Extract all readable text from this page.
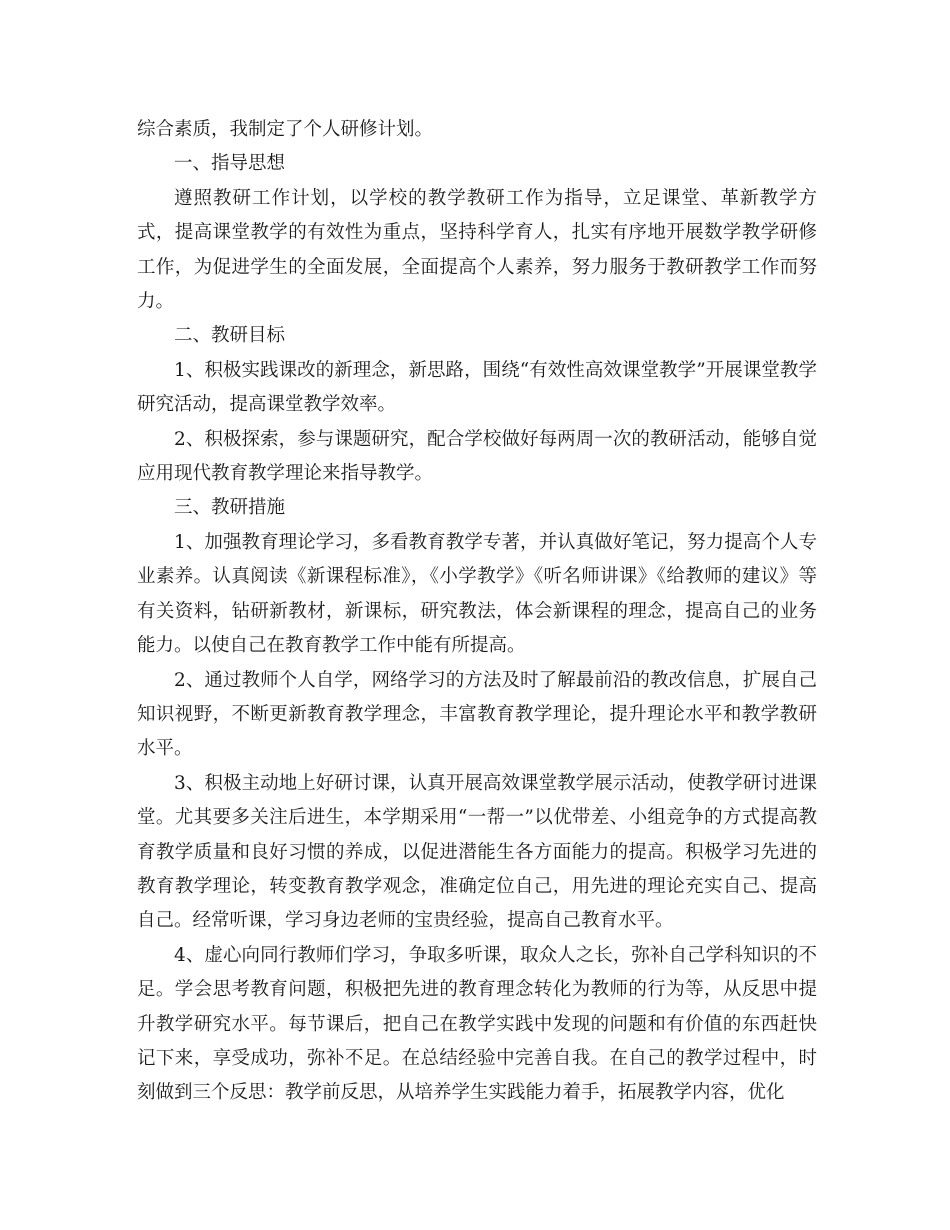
综合素质，我制定了个人研修计划。

一、指导思想

遵照教研工作计划，以学校的教学教研工作为指导，立足课堂、革新教学方式，提高课堂教学的有效性为重点，坚持科学育人，扎实有序地开展数学教学研修工作，为促进学生的全面发展，全面提高个人素养，努力服务于教研教学工作而努力。

二、教研目标

1、积极实践课改的新理念，新思路，围绕“有效性高效课堂教学”开展课堂教学研究活动，提高课堂教学效率。

2、积极探索，参与课题研究，配合学校做好每两周一次的教研活动，能够自觉应用现代教育教学理论来指导教学。

三、教研措施

1、加强教育理论学习，多看教育教学专著，并认真做好笔记，努力提高个人专业素养。认真阅读《新课程标准》，《小学教学》《听名师讲课》《给教师的建议》等有关资料，钻研新教材，新课标，研究教法，体会新课程的理念，提高自己的业务能力。以使自己在教育教学工作中能有所提高。

2、通过教师个人自学，网络学习的方法及时了解最前沿的教改信息，扩展自己知识视野，不断更新教育教学理念，丰富教育教学理论，提升理论水平和教学教研水平。

3、积极主动地上好研讨课，认真开展高效课堂教学展示活动，使教学研讨进课堂。尤其要多关注后进生，本学期采用“一帮一”以优带差、小组竞争的方式提高教育教学质量和良好习惯的养成，以促进潜能生各方面能力的提高。积极学习先进的教育教学理论，转变教育教学观念，准确定位自己，用先进的理论充实自己、提高自己。经常听课，学习身边老师的宝贵经验，提高自己教育水平。

4、虚心向同行教师们学习，争取多听课，取众人之长，弥补自己学科知识的不足。学会思考教育问题，积极把先进的教育理念转化为教师的行为等，从反思中提升教学研究水平。每节课后，把自己在教学实践中发现的问题和有价值的东西赶快记下来，享受成功，弥补不足。在总结经验中完善自我。在自己的教学过程中，时刻做到三个反思：教学前反思，从培养学生实践能力着手，拓展教学内容，优化
